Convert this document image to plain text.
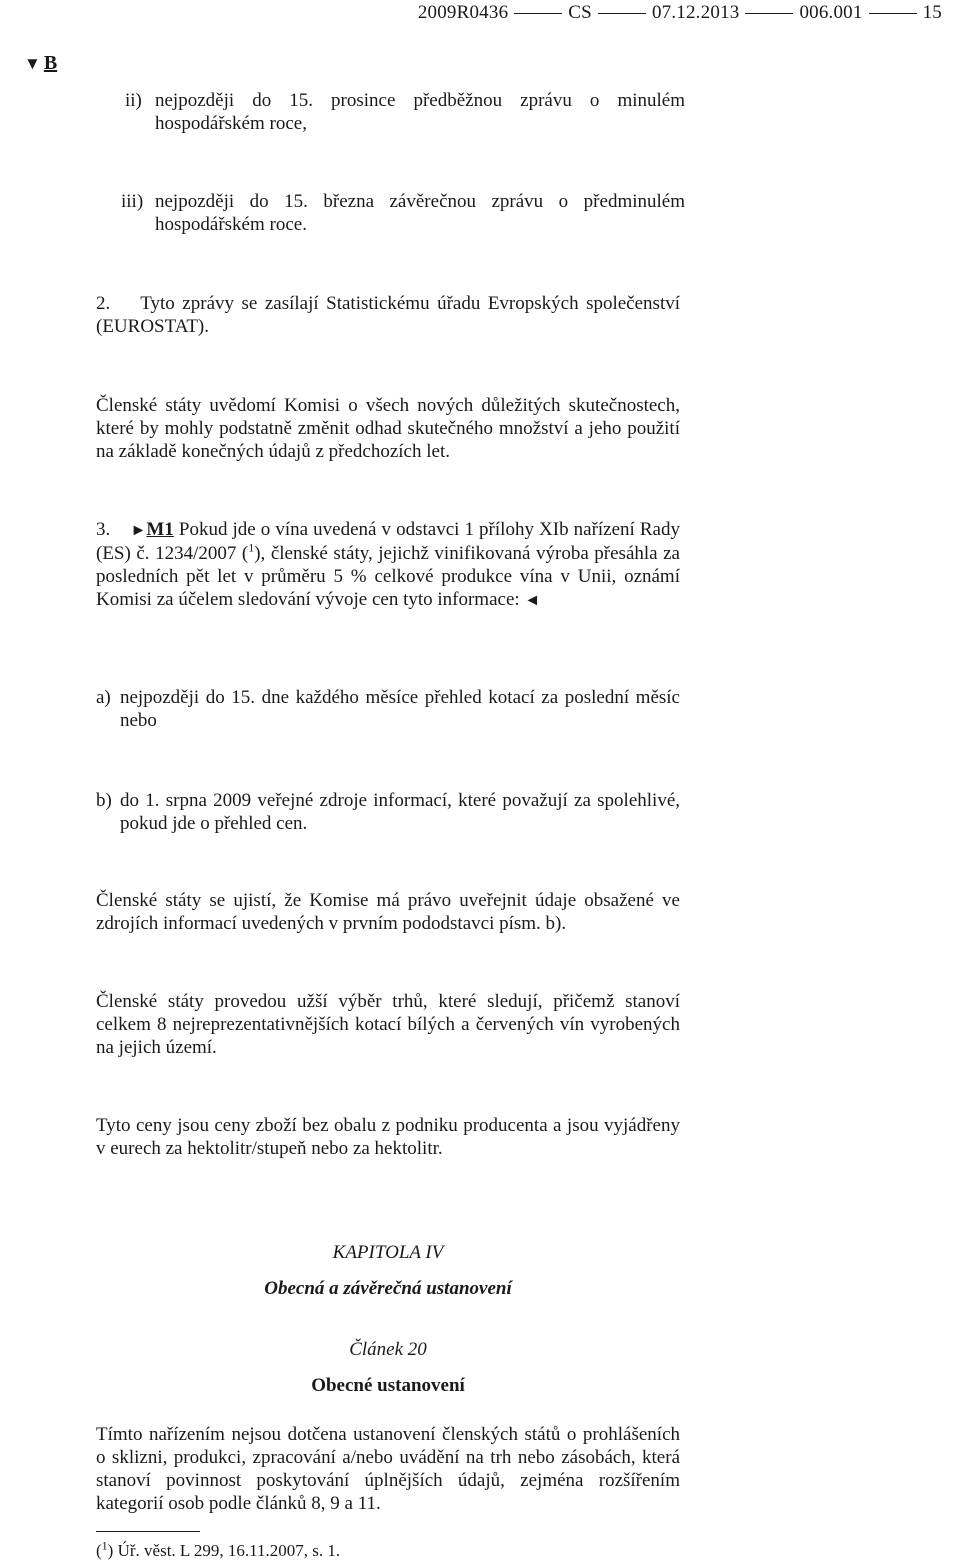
2009R0436	CS	07.12.2013	006.001	15
▼ B
ii) nejpozději do 15. prosince předběžnou zprávu o minulém hospodářském roce,
iii) nejpozději do 15. března závěrečnou zprávu o předminulém hospodářském roce.
2. Tyto zprávy se zasílají Statistickému úřadu Evropských společenství (EUROSTAT).
Členské státy uvědomí Komisi o všech nových důležitých skutečnostech, které by mohly podstatně změnit odhad skutečného množství a jeho použití na základě konečných údajů z předchozích let.
3. ►M1 Pokud jde o vína uvedená v odstavci 1 přílohy XIb nařízení Rady (ES) č. 1234/2007 ($^1$), členské státy, jejichž vinifikovaná výroba přesáhla za posledních pět let v průměru 5 % celkové produkce vína v Unii, oznámí Komisi za účelem sledování vývoje cen tyto informace: ◄
a) nejpozději do 15. dne každého měsíce přehled kotací za poslední měsíc nebo
b) do 1. srpna 2009 veřejné zdroje informací, které považují za spolehlivé, pokud jde o přehled cen.
Členské státy se ujistí, že Komise má právo uveřejnit údaje obsažené ve zdrojích informací uvedených v prvním pododstavci písm. b).
Členské státy provedou užší výběr trhů, které sledují, přičemž stanoví celkem 8 nejreprezentativnějších kotací bílých a červených vín vyrobených na jejich území.
Tyto ceny jsou ceny zboží bez obalu z podniku producenta a jsou vyjádřeny v eurech za hektolitr/stupeň nebo za hektolitr.
KAPITOLA IV
Obecná a závěrečná ustanovení
Článek 20
Obecné ustanovení
Tímto nařízením nejsou dotčena ustanovení členských států o prohlášeních o sklizni, produkci, zpracování a/nebo uvádění na trh nebo zásobách, která stanoví povinnost poskytování úplnějších údajů, zejména rozšířením kategorií osob podle článků 8, 9 a 11.
($^1$) Úř. věst. L 299, 16.11.2007, s. 1.
